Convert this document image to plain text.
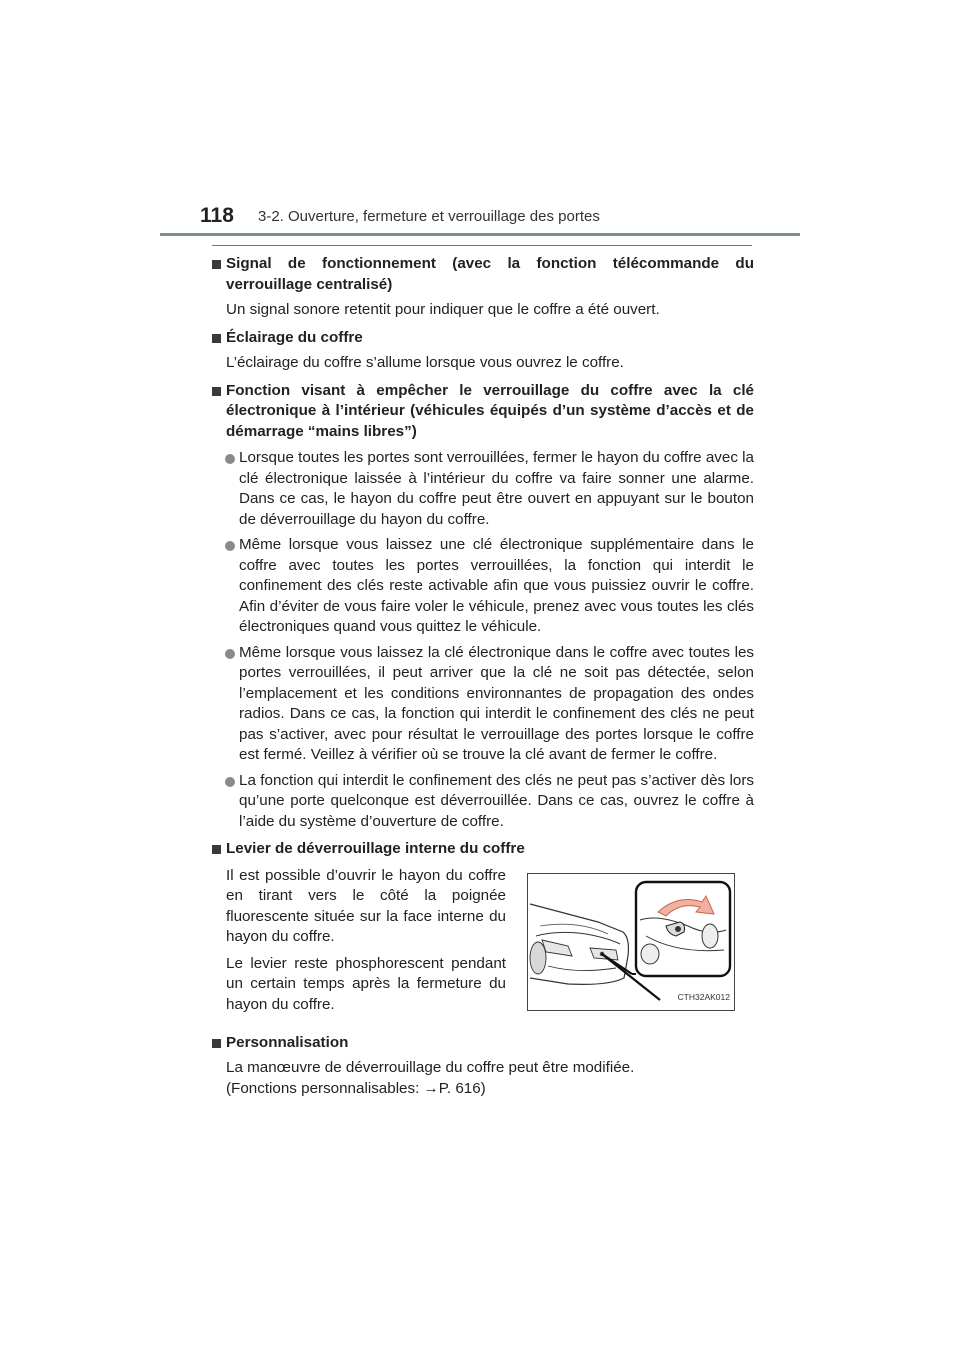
118 3-2. Ouverture, fermeture et verrouillage des portes
Signal de fonctionnement (avec la fonction télécommande du verrouillage centralisé)
Un signal sonore retentit pour indiquer que le coffre a été ouvert.
Éclairage du coffre
L’éclairage du coffre s’allume lorsque vous ouvrez le coffre.
Fonction visant à empêcher le verrouillage du coffre avec la clé électronique à l’intérieur (véhicules équipés d’un système d’accès et de démarrage “mains libres”)
Lorsque toutes les portes sont verrouillées, fermer le hayon du coffre avec la clé électronique laissée à l’intérieur du coffre va faire sonner une alarme. Dans ce cas, le hayon du coffre peut être ouvert en appuyant sur le bouton de déverrouillage du hayon du coffre.
Même lorsque vous laissez une clé électronique supplémentaire dans le coffre avec toutes les portes verrouillées, la fonction qui interdit le confinement des clés reste activable afin que vous puissiez ouvrir le coffre. Afin d’éviter de vous faire voler le véhicule, prenez avec vous toutes les clés électroniques quand vous quittez le véhicule.
Même lorsque vous laissez la clé électronique dans le coffre avec toutes les portes verrouillées, il peut arriver que la clé ne soit pas détectée, selon l’emplacement et les conditions environnantes de propagation des ondes radios. Dans ce cas, la fonction qui interdit le confinement des clés ne peut pas s’activer, avec pour résultat le verrouillage des portes lorsque le coffre est fermé. Veillez à vérifier où se trouve la clé avant de fermer le coffre.
La fonction qui interdit le confinement des clés ne peut pas s’activer dès lors qu’une porte quelconque est déverrouillée. Dans ce cas, ouvrez le coffre à l’aide du système d’ouverture de coffre.
Levier de déverrouillage interne du coffre

Il est possible d’ouvrir le hayon du coffre en tirant vers le côté la poignée fluorescente située sur la face interne du hayon du coffre.

Le levier reste phosphorescent pendant un certain temps après la fermeture du hayon du coffre.	CTH32AK012
Personnalisation
La manœuvre de déverrouillage du coffre peut être modifiée.
(Fonctions personnalisables: →P. 616)
